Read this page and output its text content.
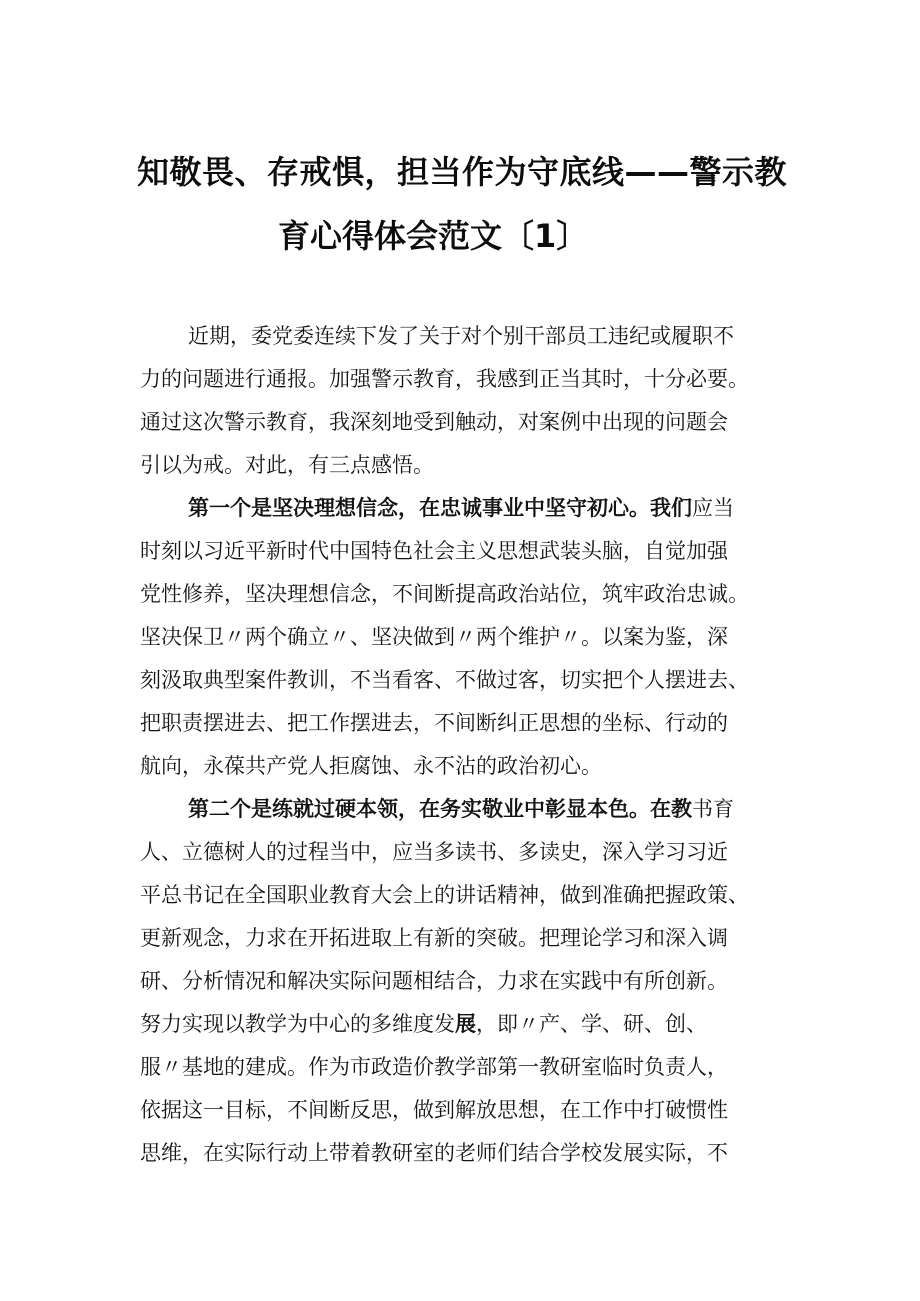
知敬畏、存戒惧，担当作为守底线——警示教
育心得体会范文〔1〕
近期，委党委连续下发了关于对个别干部员工违纪或履职不
力的问题进行通报。加强警示教育，我感到正当其时，十分必要。
通过这次警示教育，我深刻地受到触动，对案例中出现的问题会
引以为戒。对此，有三点感悟。
第一个是坚决理想信念，在忠诚事业中坚守初心。我们应当
时刻以习近平新时代中国特色社会主义思想武装头脑，自觉加强
党性修养，坚决理想信念，不间断提高政治站位，筑牢政治忠诚。
坚决保卫〃两个确立〃、坚决做到〃两个维护〃。以案为鉴，深
刻汲取典型案件教训，不当看客、不做过客，切实把个人摆进去、
把职责摆进去、把工作摆进去，不间断纠正思想的坐标、行动的
航向，永葆共产党人拒腐蚀、永不沾的政治初心。
第二个是练就过硬本领，在务实敬业中彰显本色。在教书育
人、立德树人的过程当中，应当多读书、多读史，深入学习习近
平总书记在全国职业教育大会上的讲话精神，做到准确把握政策、
更新观念，力求在开拓进取上有新的突破。把理论学习和深入调
研、分析情况和解决实际问题相结合，力求在实践中有所创新。
努力实现以教学为中心的多维度发展，即〃产、学、研、创、
服〃基地的建成。作为市政造价教学部第一教研室临时负责人，
依据这一目标，不间断反思，做到解放思想，在工作中打破惯性
思维，在实际行动上带着教研室的老师们结合学校发展实际，不
